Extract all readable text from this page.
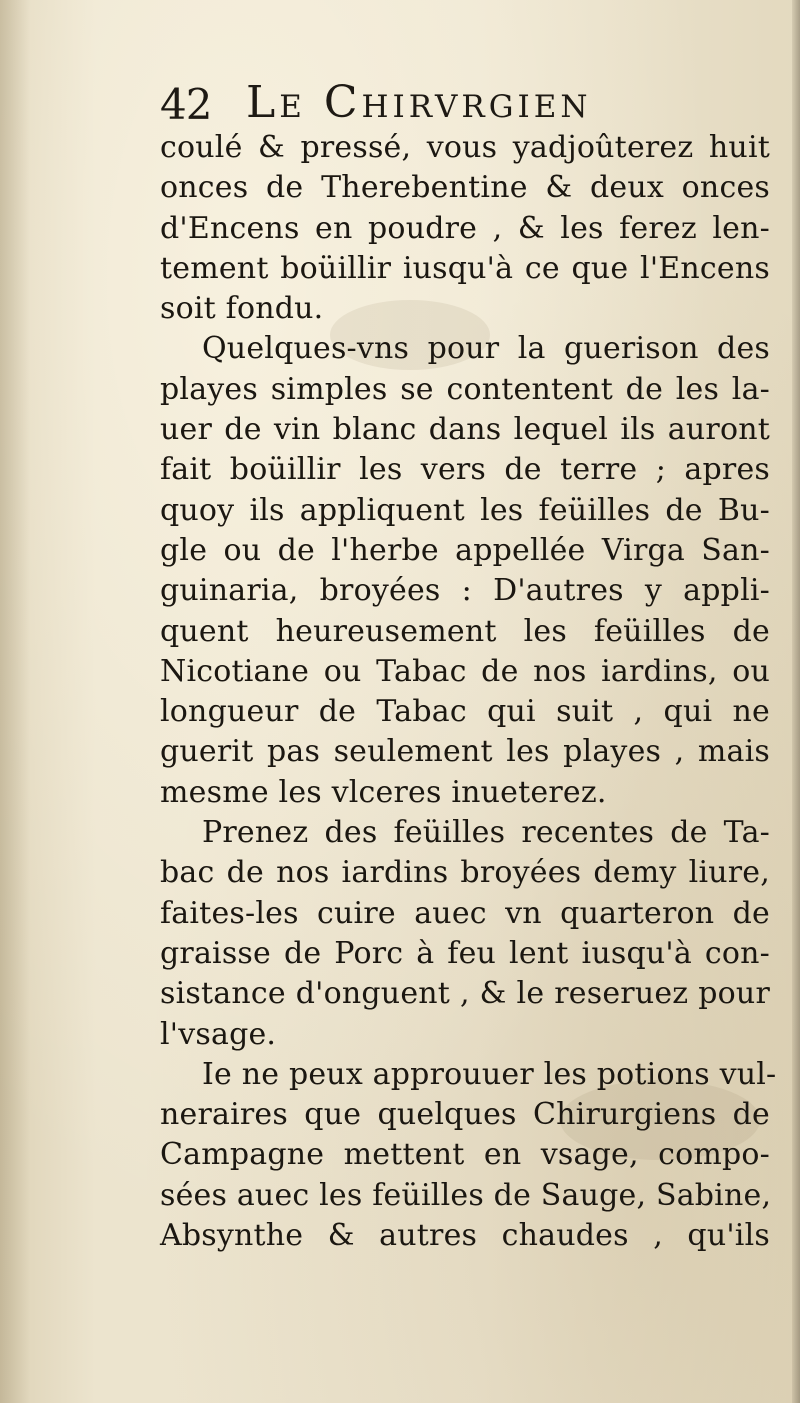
42 Le Chirvrgien
coulé & pressé, vous yadjoûterez huit
onces de Therebentine & deux onces
d'Encens en poudre , & les ferez len-
tement boüillir iusqu'à ce que l'Encens
soit fondu.
Quelques-vns pour la guerison des
playes simples se contentent de les la-
uer de vin blanc dans lequel ils auront
fait boüillir les vers de terre ; apres
quoy ils appliquent les feüilles de Bu-
gle ou de l'herbe appellée Virga San-
guinaria, broyées : D'autres y appli-
quent heureusement les feüilles de
Nicotiane ou Tabac de nos iardins, ou
longueur de Tabac qui suit , qui ne
guerit pas seulement les playes , mais
mesme les vlceres inueterez.
Prenez des feüilles recentes de Ta-
bac de nos iardins broyées demy liure,
faites-les cuire auec vn quarteron de
graisse de Porc à feu lent iusqu'à con-
sistance d'onguent , & le reseruez pour
l'vsage.
Ie ne peux approuuer les potions vul-
neraires que quelques Chirurgiens de
Campagne mettent en vsage, compo-
sées auec les feüilles de Sauge, Sabine,
Absynthe & autres chaudes , qu'ils
